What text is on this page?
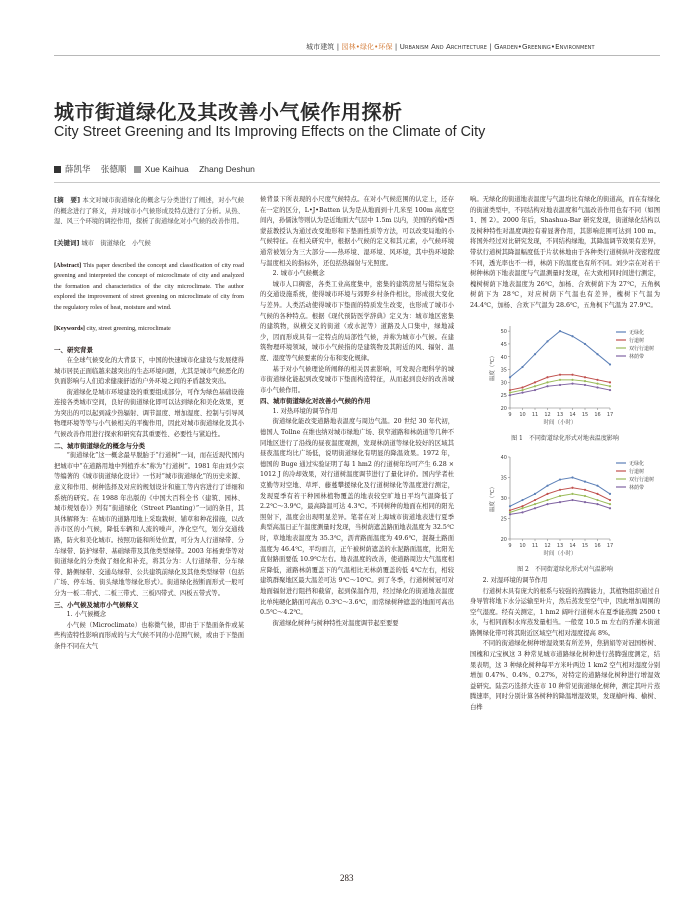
城市建筑 | 园林•绿化•环保 | Urbanism And Architecture | Garden•Greening•Environment
城市街道绿化及其改善小气候作用探析
City Street Greening and Its Improving Effects on the Climate of City
薛凯华 张德顺 Xue Kaihua Zhang Deshun

[摘　要] 本文对城市街道绿化的概念与分类进行了阐述，对小气候的概念进行了释义，并对城市小气候形成及特点进行了分析。从热、湿、风三个环境的调控作用，探析了街道绿化对小气候的改善作用。

[关键词] 城市　街道绿化　小气候

[Abstract] This paper described the concept and classification of city road greening and interpreted the concept of microclimate of city and analyzed the formation and characteristics of the city microclimate. The author explored the improvement of street greening on microclimate of city from the regulatory roles of heat, moisture and wind.

[Keywords] city, street greening, microclimate

一、研究背景

在全球气候变化的大背景下，中国的快速城市化建设与发展使得城市居民正面临越来越突出的生态环境问题，尤其是城市气候恶化的负面影响与人们追求健康舒适的户外环境之间的矛盾越发突出。

街道绿化是城市环境建设的重要组成部分，可作为绿色基础设施连接各类城市空间，良好的街道绿化即可以达到绿化和美化效果，更为突出的可以起到减少热辐射、调节温度、增加湿度、控制与引导风物理环境等等与小气候相关的平衡作用，因此对城市街道绿化及其小气候改善作用进行探索和研究有其重要性、必要性与紧迫性。

二、城市街道绿化的概念与分类

“街道绿化”这一概念最早脱胎于“行道树”一词，而在近现代国内把城市中“在道路用地中列植乔木”称为“行道树”。1981 年由刘少宗等编著的《城市街道绿化设计》一书对“城市街道绿化”的历史来源、意义和作用、树种选择及对应的规划设计和施工等内容进行了详细和系统的研究。在 1988 年出版的《中国大百科全书（建筑、园林、城市规划卷）》列有“街道绿化（Street Planting）”一词的条目，其具体解释为：在城市的道路用地上采取栽树、铺草和种花措施，以改善市区的小气候，降低车辆和人流的噪声，净化空气，划分交通线路，防火和美化城市。按照功能和所处位置，可分为人行道绿带、分车绿带、防护绿带、基础绿带及其他类型绿带。2003 年杨赉华等对街道绿化的分类做了细化和补充，将其分为：人行道绿带、分车绿带、路侧绿带、交通岛绿带、公共建筑前绿化及其他类型绿带（包括广场、停车场、街头绿地等绿化形式）。街道绿化按断面形式一般可分为一板二带式、二板三带式、三板四带式、四板五带式等。

三、小气候及城市小气候释义

1. 小气候概念

小气候（Microclimate）也称微气候，即由于下垫面条件或某些构造特性影响而形成的与大气候不同的小范围气候，或由于下垫面条件不同在大气

候背景下所表现的小尺度气候特点。在对小气候范围的认定上，还存在一定的区分，L•J•Batten 认为是从地面到十几米至 100m 高度空间内，孙儒泳等则认为是近地面大气层中 1.5m 以内，美国的约翰•西蒙兹教授认为通过改变地形和下垫面性质等方法，可以改变局地的小气候特征。在相关研究中，根据小气候的定义和其元素，小气候环境通常被划分为三大部分——热环境、湿环境、风环境，其中热环境除与温度相关的指标外，还包括热辐射与光照度。

2. 城市小气候概念

城市人口稠密，各类工业高度集中，密集的建筑房屋与错综复杂的交通设施系统，使得城市环境与郊野乡村条件相比，形成很大变化与差异。人类活动使得城市下垫面的特质发生改变，也形成了城市小气候的各种特点。根据《现代预防医学辞典》定义为：城市地区密集的建筑物，纵横交叉的街道（或水泥等）道路及人口集中，绿地减少，因而形成具有一定特点的局部性气候，并称为城市小气候。在建筑物理环境领域，城市小气候指的是建筑物及其附近的风、辐射、温度、湿度等气候要素的分布和变化规律。

基于对小气候理论所阐释的相关因素影响，可发现合理科学的城市街道绿化能起到改变城市下垫面构造特征，从而起到良好的改善城市小气候作用。

四、城市街道绿化对改善小气候的作用

1. 对热环境的调节作用

街道绿化能改变道路地表温度与周边气温。20 世纪 30 年代初，德国人 Tollne 在维也纳对城市绿地广场、狭窄道路和林荫道等几种不同地区进行了沿线的昼夜温度观测，发现林荫道等绿化较好的区域其昼夜温度均比广场低，说明街道绿化有明显的降温效果。1972 年，德国的 Buge 通过实验证明了每 1 hm2 的行道树年均可产生 6.28 × 1012 J 的冷却效果，对行道树温度调节进行了量化评价。国内学者杜克勤等对空地、草坪、藤蔓攀援绿化及行道树绿化等温度进行测定，发现夏季有若干种园林植物覆盖的地表较空旷地日平均气温降低了 2.2℃～3.9℃，最高降温可达 4.3℃。不同树种的地面在相同的阳光照射下，温度会出现明显差异。笔者在对上海城市街道地表进行夏季典型高温日正午温度测量时发现，当树荫遮盖路面地表温度为 32.5℃时，草地地表温度为 35.3℃，沥青路面温度为 49.6℃，混凝土路面温度为 46.4℃，平均而言，正午被树荫遮盖的水泥路面温度，比阳光直射路面要低 10.9℃左右。地表温度的改善，使道路周边大气温度相应降低，道路林荫覆盖下的气温相比无林荫覆盖的低 4℃左右，相较建筑群聚地区最大温差可达 9℃～10℃。到了冬季，行道树树冠可对地面辐射进行阻挡和截留，起到保温作用，经过绿化的街道地表温度比单纯硬化路面可高出 0.3℃～3.6℃，而常绿树种遮盖的地面可高出 0.5℃～4.2℃。

街道绿化树种与树种特性对温度调节起至要要

响。无绿化的街道地表温度与气温均比有绿化的街道高，而在有绿化的街道类型中，不同结构对地表温度和气温改善作用也有不同（如图 1、图 2）。2000 年后，Shashua-Bar 研究发现，街道绿化结构以及树种特性对温度调控有着显著作用，其影响范围可达到 100 m。将国外经过对比研究发现，不同结构绿地，其降温调节效果有差异，带状行道树其降温幅度低于片状林地由于各种类行道树纵叶茂密程度不同，透光率也不一样，林荫下的温度也有所不同。刘少宗在对若干树种林荫下地表温度与气温测量时发现，在大致相同时间进行测定，槐树树荫下地表温度为 26℃，加杨、合欢树荫下为 27℃，五角枫树荫下为 28℃，对应树荫下气温也有差异，槐树下气温为 24.4℃，加杨、合欢下气温为 28.6℃，五角枫下气温为 27.9℃。

20
25
30
35
40
45
50
9 10 11 12 13 14 15 16 17
温度（℃）
时间（小时）
无绿化
行道树
双行行道树
林荫带

图 1　不同街道绿化形式对地表温度影响

20
25
30
35
40
9 10 11 12 13 14 15 16 17
温度（℃）
时间（小时）
无绿化
行道树
双行行道树
林荫带

图 2　不同街道绿化形式对气温影响

2. 对湿环境的调节作用

行道树木具有庞大的根系与较强的蒸腾能力，其植物组织通过自身导管将地下水分运输至叶片，然后蒸发至空气中，因此增加周围的空气湿度。经有关测定，1 hm2 阔叶行道树木在夏季能蒸腾 2500 t 水，与相同面积水库蒸发量相当。一般宽 10.5 m 左右的乔灌木街道路侧绿化带可将其附近区域空气相对湿度提高 8%。

不同的街道绿化树种增湿效果有所差异，焦猜娟等对冠国桥树、国槐和元宝枫这 3 种常见城市道路绿化树种进行蒸腾强度测定，结果表明，这 3 种绿化树种每平方米叶两边 1 km2 空气相对湿度分别增加 0.47%、0.4%、0.27%，对特定的道路绿化树种进行增湿效益研究。陆芸巧选择大连市 10 种常见街道绿化树种，测定其叶片蒸腾速率，同时分别计算各树种的降温增湿效果，发现榆叶梅、榆树、白桦

283
